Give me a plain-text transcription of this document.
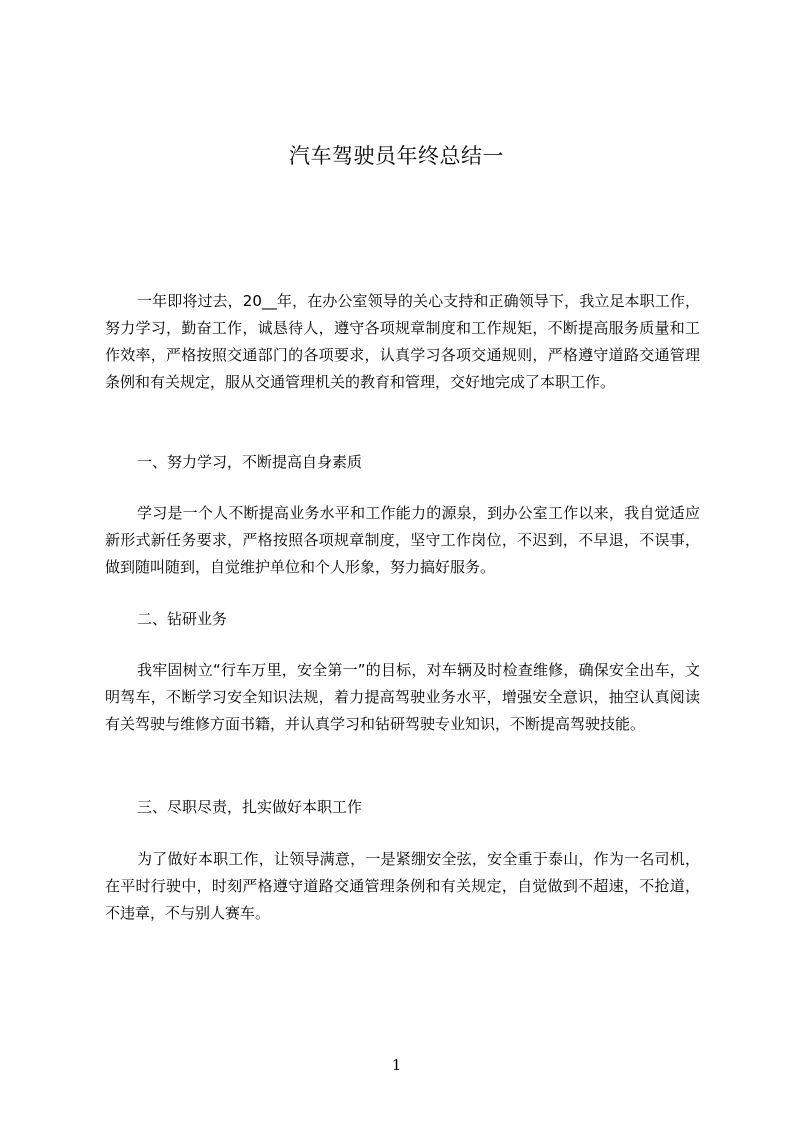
汽车驾驶员年终总结一

一年即将过去，20__年，在办公室领导的关心支持和正确领导下，我立足本职工作，努力学习，勤奋工作，诚恳待人，遵守各项规章制度和工作规矩，不断提高服务质量和工作效率，严格按照交通部门的各项要求，认真学习各项交通规则，严格遵守道路交通管理条例和有关规定，服从交通管理机关的教育和管理，交好地完成了本职工作。

一、努力学习，不断提高自身素质

学习是一个人不断提高业务水平和工作能力的源泉，到办公室工作以来，我自觉适应新形式新任务要求，严格按照各项规章制度，坚守工作岗位，不迟到，不早退，不误事，做到随叫随到，自觉维护单位和个人形象，努力搞好服务。

二、钻研业务

我牢固树立“行车万里，安全第一”的目标，对车辆及时检查维修，确保安全出车，文明驾车，不断学习安全知识法规，着力提高驾驶业务水平，增强安全意识，抽空认真阅读有关驾驶与维修方面书籍，并认真学习和钻研驾驶专业知识，不断提高驾驶技能。

三、尽职尽责，扎实做好本职工作

为了做好本职工作，让领导满意，一是紧绷安全弦，安全重于泰山，作为一名司机，在平时行驶中，时刻严格遵守道路交通管理条例和有关规定，自觉做到不超速，不抢道，不违章，不与别人赛车。

1
